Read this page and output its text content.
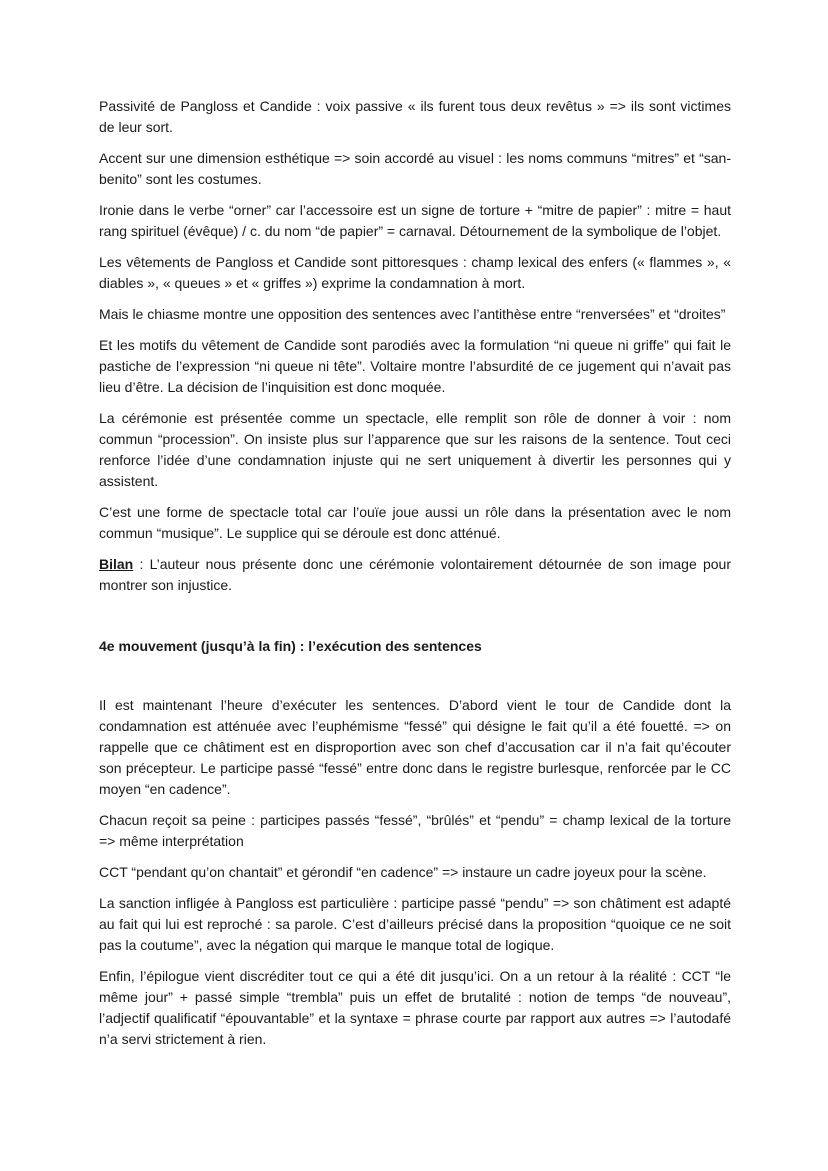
Passivité de Pangloss et Candide : voix passive « ils furent tous deux revêtus » => ils sont victimes de leur sort.

Accent sur une dimension esthétique => soin accordé au visuel : les noms communs “mitres” et “san-benito” sont les costumes.

Ironie dans le verbe “orner” car l’accessoire est un signe de torture + “mitre de papier” : mitre = haut rang spirituel (évêque) / c. du nom “de papier” = carnaval. Détournement de la symbolique de l’objet.

Les vêtements de Pangloss et Candide sont pittoresques : champ lexical des enfers (« flammes », « diables », « queues » et « griffes ») exprime la condamnation à mort.

Mais le chiasme montre une opposition des sentences avec l’antithèse entre “renversées” et “droites”

Et les motifs du vêtement de Candide sont parodiés avec la formulation “ni queue ni griffe” qui fait le pastiche de l’expression “ni queue ni tête”. Voltaire montre l’absurdité de ce jugement qui n’avait pas lieu d’être. La décision de l’inquisition est donc moquée.

La cérémonie est présentée comme un spectacle, elle remplit son rôle de donner à voir : nom commun “procession”. On insiste plus sur l’apparence que sur les raisons de la sentence. Tout ceci renforce l’idée d’une condamnation injuste qui ne sert uniquement à divertir les personnes qui y assistent.

C’est une forme de spectacle total car l’ouïe joue aussi un rôle dans la présentation avec le nom commun “musique”. Le supplice qui se déroule est donc atténué.

Bilan : L’auteur nous présente donc une cérémonie volontairement détournée de son image pour montrer son injustice.

4e mouvement (jusqu’à la fin) : l’exécution des sentences

Il est maintenant l’heure d’exécuter les sentences. D’abord vient le tour de Candide dont la condamnation est atténuée avec l’euphémisme “fessé” qui désigne le fait qu’il a été fouetté. => on rappelle que ce châtiment est en disproportion avec son chef d’accusation car il n’a fait qu’écouter son précepteur. Le participe passé “fessé” entre donc dans le registre burlesque, renforcée par le CC moyen “en cadence”.

Chacun reçoit sa peine : participes passés “fessé”, “brûlés” et “pendu” = champ lexical de la torture => même interprétation

CCT “pendant qu’on chantait” et gérondif “en cadence” => instaure un cadre joyeux pour la scène.

La sanction infligée à Pangloss est particulière : participe passé “pendu” => son châtiment est adapté au fait qui lui est reproché : sa parole. C’est d’ailleurs précisé dans la proposition “quoique ce ne soit pas la coutume”, avec la négation qui marque le manque total de logique.

Enfin, l’épilogue vient discréditer tout ce qui a été dit jusqu’ici. On a un retour à la réalité : CCT “le même jour” + passé simple “trembla” puis un effet de brutalité : notion de temps “de nouveau”, l’adjectif qualificatif “épouvantable” et la syntaxe = phrase courte par rapport aux autres => l’autodafé n’a servi strictement à rien.
